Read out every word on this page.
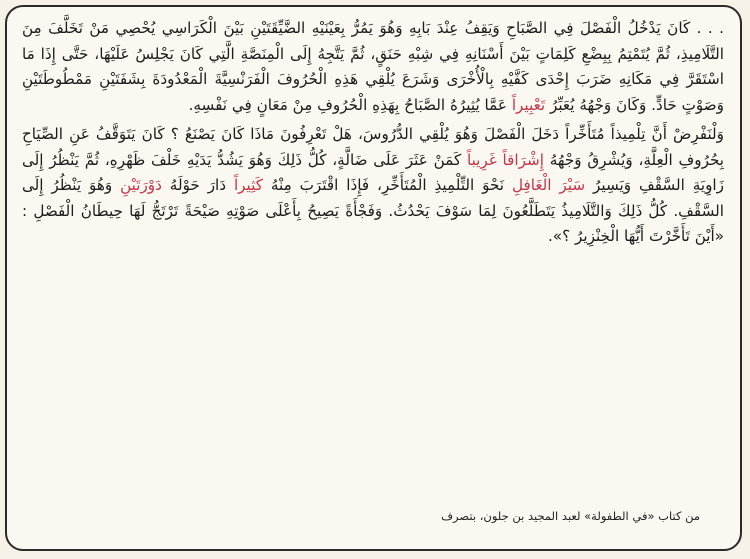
. . . كَانَ يَدْخُلُ الْفَصْلَ فِي الصَّبَاحِ وَيَقِفُ عِنْدَ بَابِهِ وَهُوَ يَمُرُّ بِعَيْنَيْهِ الضَّيِّقَتَيْنِ بَيْنَ الْكَرَاسِي يُحْصِي مَنْ تَخَلَّفَ مِنَ التَّلَامِيذِ، ثُمَّ يُتَمْتِمُ بِبِضْعِ كَلِمَاتٍ بَيْنَ أَسْنَانِهِ فِي شِبْهِ حَنَقٍ، ثُمَّ يَتَّجِهُ إِلَى الْمِنَصَّةِ الَّتِي كَانَ يَجْلِسُ عَلَيْهَا، حَتَّى إِذَا مَا اسْتَقَرَّ فِي مَكَانِهِ ضَرَبَ إِحْدَى كَفَّيْهِ بِالْأُخْرَى وَشَرَعَ يُلْقِي هَذِهِ الْحُرُوفَ الْفَرَنْسِيَّةَ الْمَعْدُودَةَ بِشَفَتَيْنِ مَمْطُوطَتَيْنِ وَصَوْتٍ حَادٍّ. وَكَانَ وَجْهُهُ يُعَبِّرُ تَعْبِيراً عَمَّا يُثِيرُهُ الصَّبَاحُ بِهَذِهِ الْحُرُوفِ مِنْ مَعَانٍ فِي نَفْسِهِ.

وَلْنَفْرِضْ أَنَّ تِلْمِيذاً مُتَأَخِّراً دَخَلَ الْفَصْلَ وَهُوَ يُلْقِي الدُّرُوسَ، هَلْ تَعْرِفُونَ مَاذَا كَانَ يَصْنَعُ ؟ كَانَ يَتَوَقَّفُ عَنِ الصِّيَاحِ بِحُرُوفِ الْعِلَّةِ، وَيُشْرِقُ وَجْهُهُ إِشْرَاقاً غَرِيباً كَمَنْ عَثَرَ عَلَى ضَالَّةٍ، كُلُّ ذَلِكَ وَهُوَ يَشُدُّ يَدَيْهِ خَلْفَ ظَهْرِهِ، ثُمَّ يَنْظُرُ إِلَى زَاوِيَةِ السَّقْفِ وَيَسِيرُ سَيْرَ الْغَافِلِ نَحْوَ التِّلْمِيذِ الْمُتَأَخِّرِ، فَإِذَا اقْتَرَبَ مِنْهُ كَثِيراً دَارَ حَوْلَهُ دَوْرَتَيْنِ وَهُوَ يَنْظُرُ إِلَى السَّقْفِ. كُلُّ ذَلِكَ وَالتَّلَامِيذُ يَتَطَلَّعُونَ لِمَا سَوْفَ يَحْدُثُ. وَفَجْأَةً يَصِيحُ بِأَعْلَى صَوْتِهِ صَيْحَةً تَرْتَجُّ لَهَا حِيطَانُ الْفَصْلِ : «أَيْنَ تَأَخَّرْتَ أَيُّهَا الْخِنْزِيرُ ؟».

من كتاب «في الطفولة» لعبد المجيد بن جلون، بتصرف
